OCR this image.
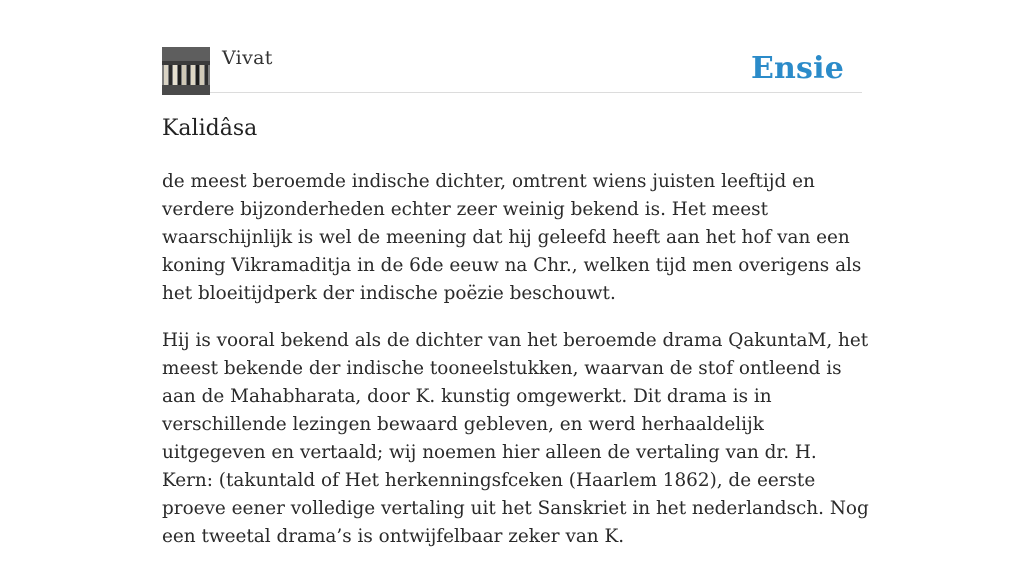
Vivat	Ensie
Kalidâsa

de meest beroemde indische dichter, omtrent wiens juisten leeftijd en verdere bijzonderheden echter zeer weinig bekend is. Het meest waarschijnlijk is wel de meening dat hij geleefd heeft aan het hof van een koning Vikramaditja in de 6de eeuw na Chr., welken tijd men overigens als het bloeitijdperk der indische poëzie beschouwt.

Hij is vooral bekend als de dichter van het beroemde drama QakuntaM, het meest bekende der indische tooneelstukken, waarvan de stof ontleend is aan de Mahabharata, door K. kunstig omgewerkt. Dit drama is in verschillende lezingen bewaard gebleven, en werd herhaaldelijk uitgegeven en vertaald; wij noemen hier alleen de vertaling van dr. H. Kern: (takuntald of Het herkenningsfceken (Haarlem 1862), de eerste proeve eener volledige vertaling uit het Sanskriet in het nederlandsch. Nog een tweetal drama’s is ontwijfelbaar zeker van K.
